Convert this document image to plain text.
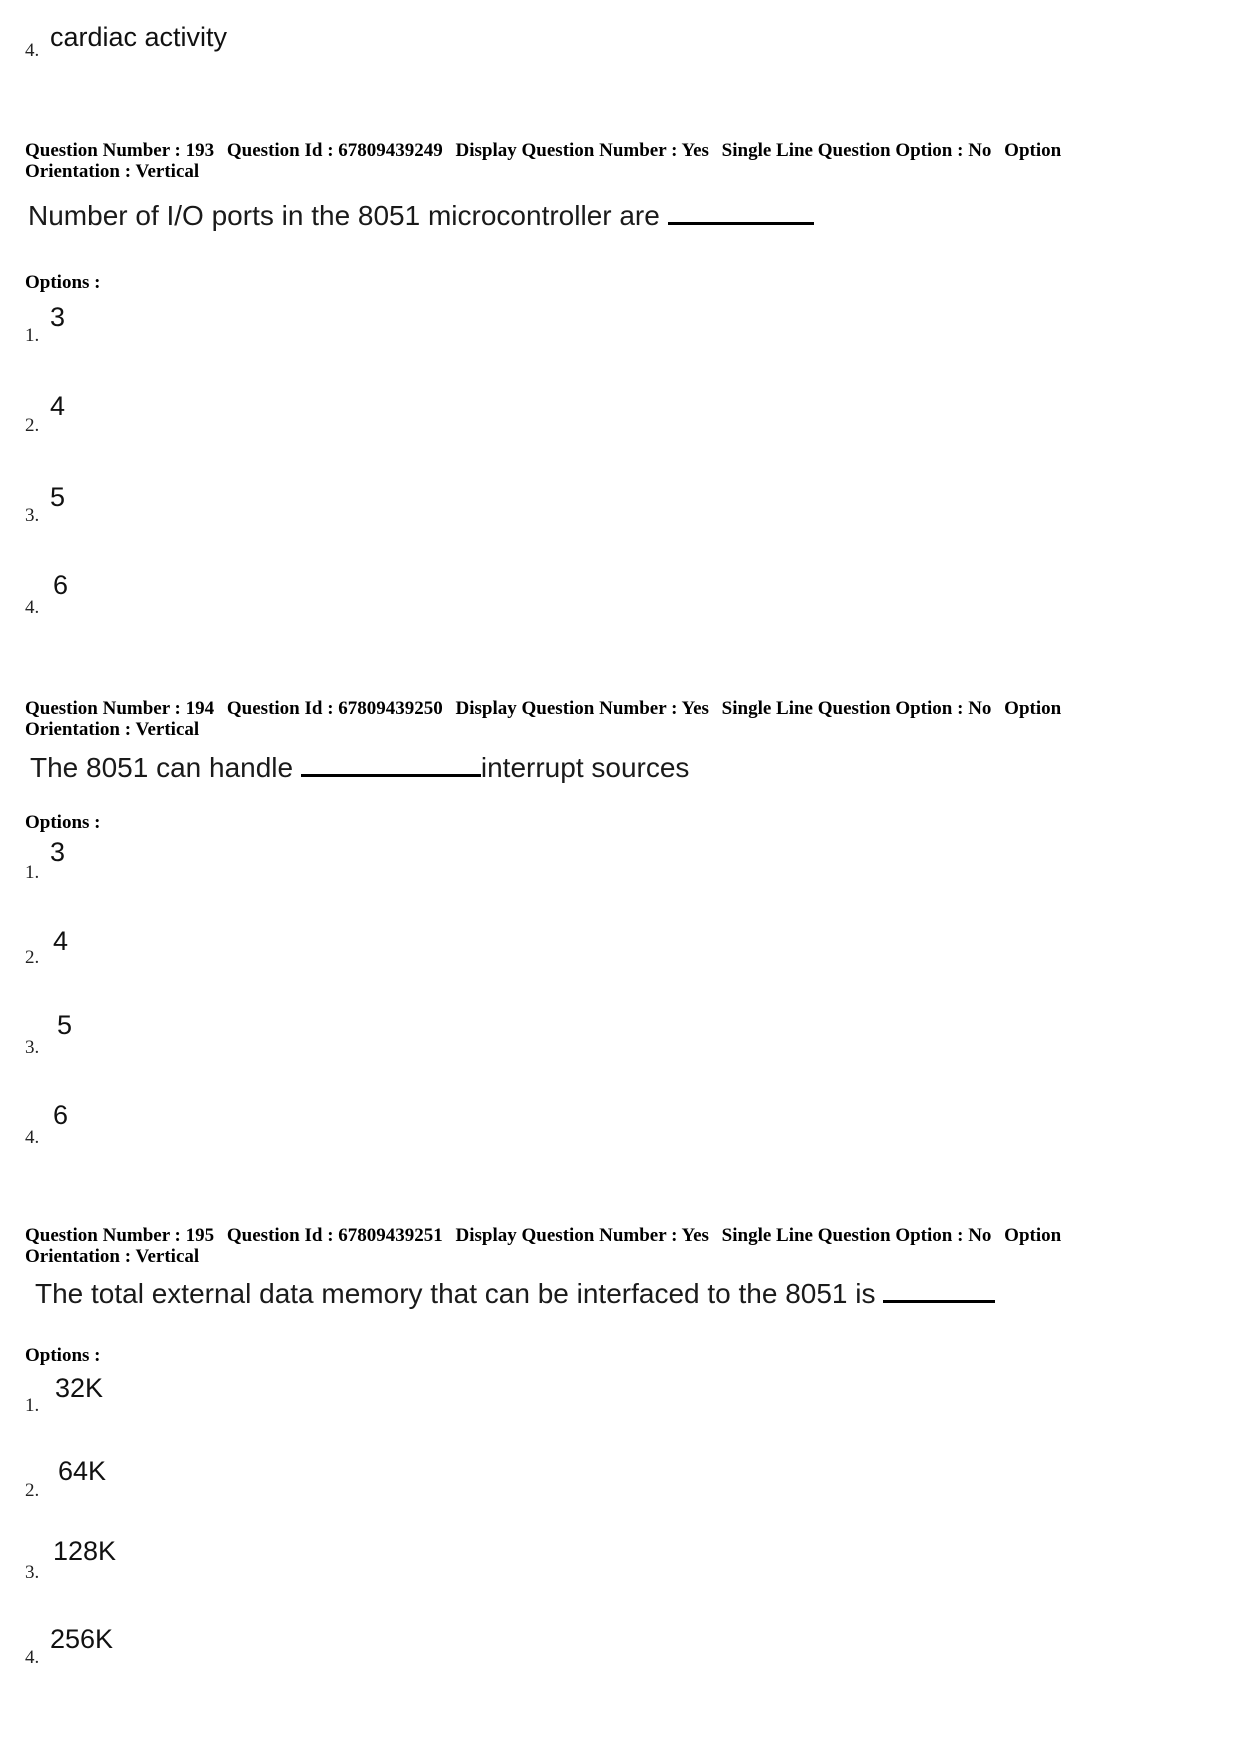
4. cardiac activity
Question Number : 193 Question Id : 67809439249 Display Question Number : Yes Single Line Question Option : No Option
Orientation : Vertical
Number of I/O ports in the 8051 microcontroller are
Options :
1.
3
2.
4
3.
5
4.
6
Question Number : 194 Question Id : 67809439250 Display Question Number : Yes Single Line Question Option : No Option
Orientation : Vertical
The 8051 can handle	interrupt sources
Options :
1.
3
2.
4
3.
5
4.
6
Question Number : 195 Question Id : 67809439251 Display Question Number : Yes Single Line Question Option : No Option
Orientation : Vertical
The total external data memory that can be interfaced to the 8051 is
Options :
1.
32K
2.
64K
3.
128K
4.
256K
